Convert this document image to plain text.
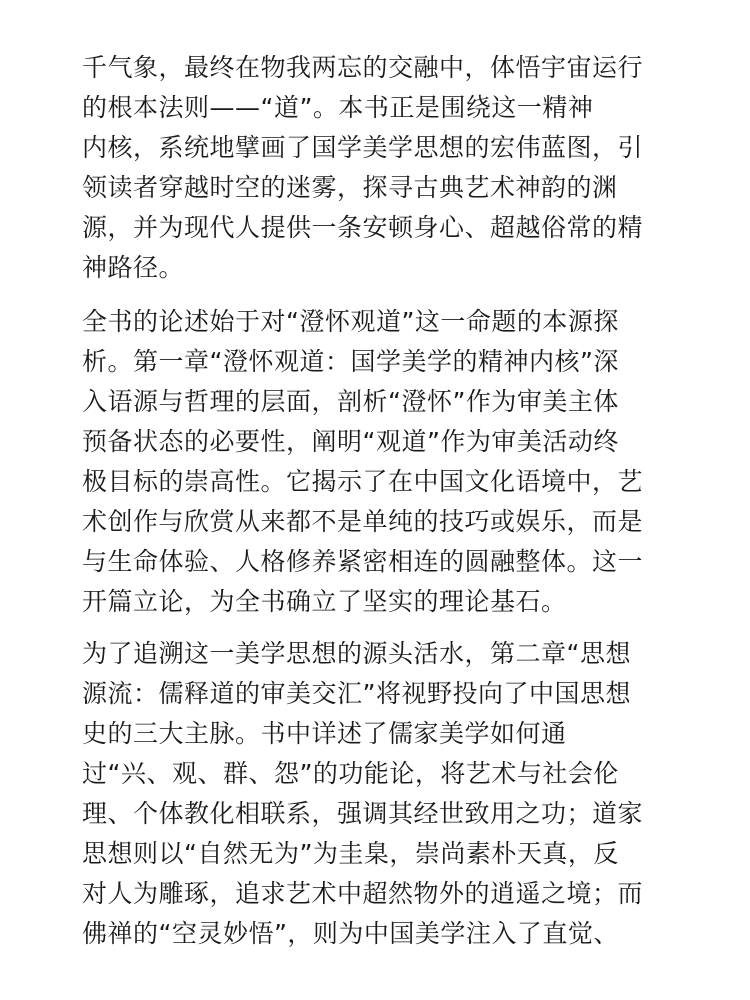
千气象，最终在物我两忘的交融中，体悟宇宙运行
的根本法则——“道”。本书正是围绕这一精神
内核，系统地擘画了国学美学思想的宏伟蓝图，引
领读者穿越时空的迷雾，探寻古典艺术神韵的渊
源，并为现代人提供一条安顿身心、超越俗常的精
神路径。
全书的论述始于对“澄怀观道”这一命题的本源探
析。第一章“澄怀观道：国学美学的精神内核”深
入语源与哲理的层面，剖析“澄怀”作为审美主体
预备状态的必要性，阐明“观道”作为审美活动终
极目标的崇高性。它揭示了在中国文化语境中，艺
术创作与欣赏从来都不是单纯的技巧或娱乐，而是
与生命体验、人格修养紧密相连的圆融整体。这一
开篇立论，为全书确立了坚实的理论基石。
为了追溯这一美学思想的源头活水，第二章“思想
源流：儒释道的审美交汇”将视野投向了中国思想
史的三大主脉。书中详述了儒家美学如何通
过“兴、观、群、怨”的功能论，将艺术与社会伦
理、个体教化相联系，强调其经世致用之功；道家
思想则以“自然无为”为圭臬，崇尚素朴天真，反
对人为雕琢，追求艺术中超然物外的逍遥之境；而
佛禅的“空灵妙悟”，则为中国美学注入了直觉、
